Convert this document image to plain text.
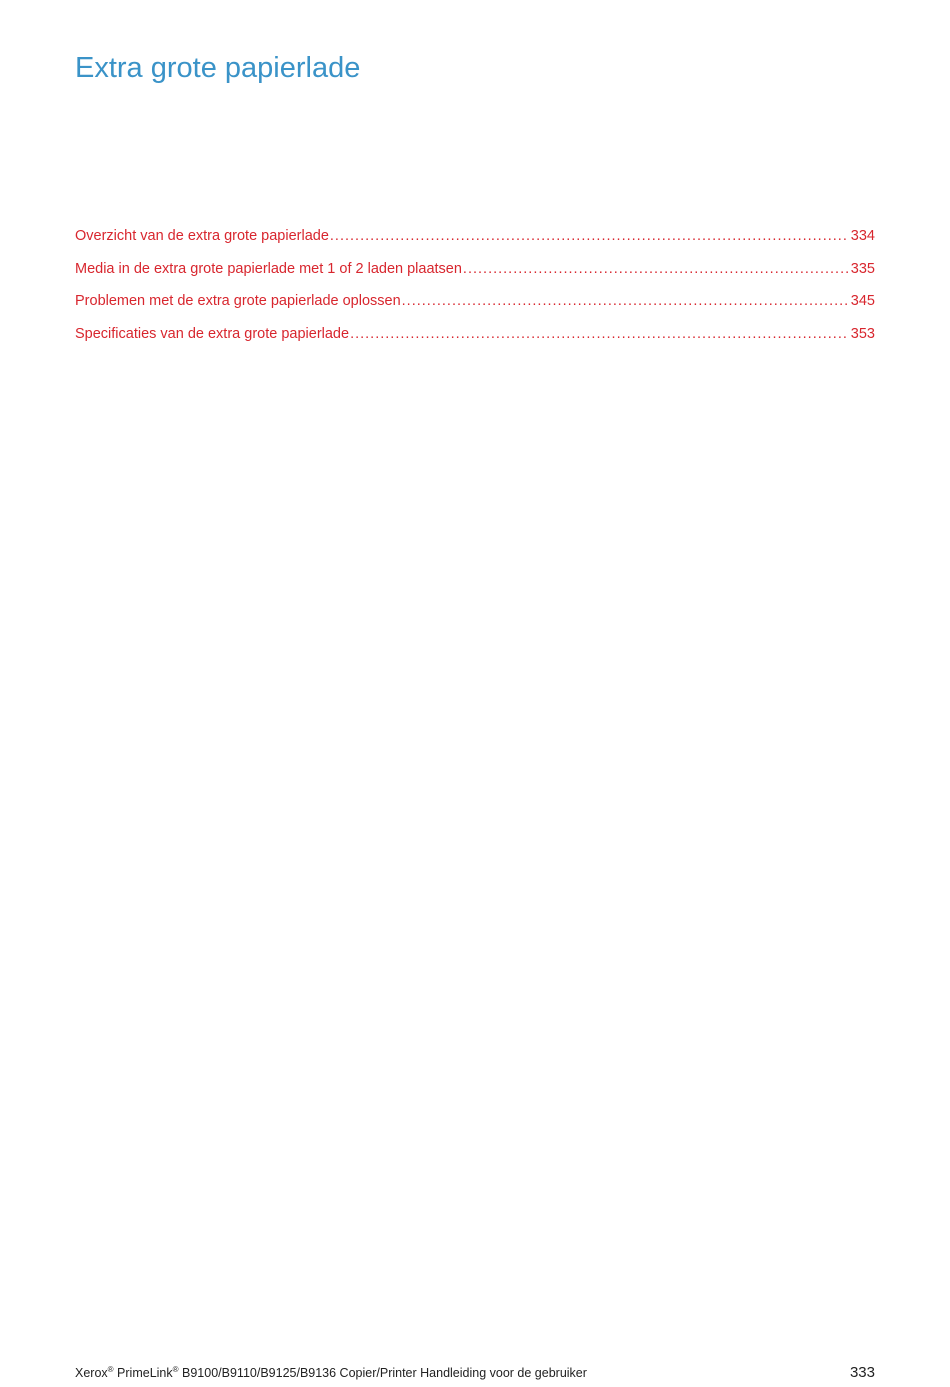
Extra grote papierlade
Overzicht van de extra grote papierlade .....	334
Media in de extra grote papierlade met 1 of 2 laden plaatsen .....	335
Problemen met de extra grote papierlade oplossen .....	345
Specificaties van de extra grote papierlade .....	353
Xerox® PrimeLink® B9100/B9110/B9125/B9136 Copier/Printer Handleiding voor de gebruiker	333
